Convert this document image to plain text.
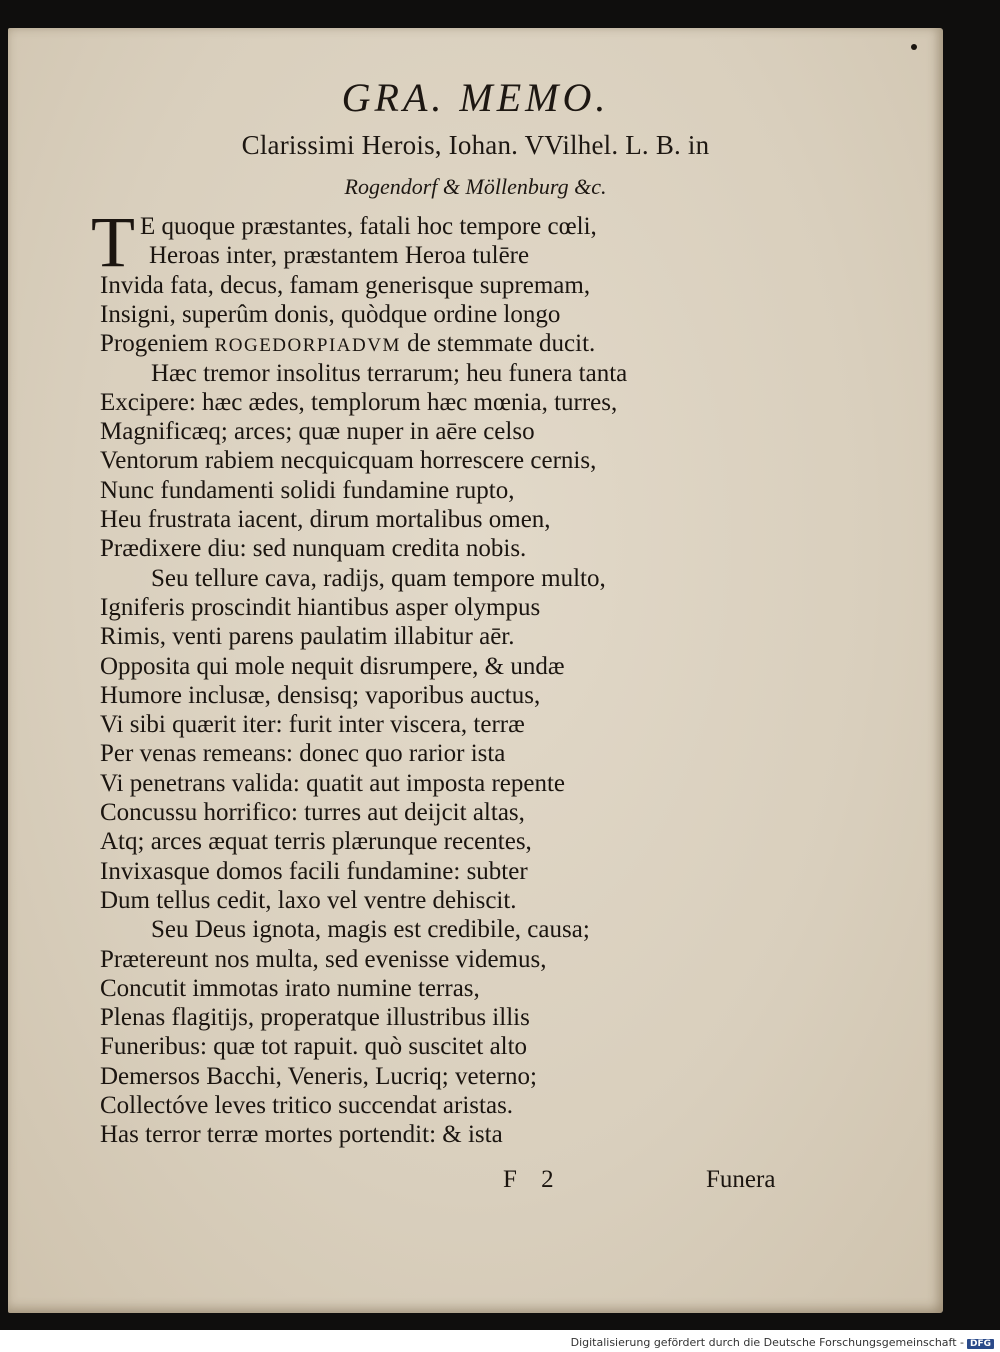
GRA. MEMO.
Clarissimi Herois, Iohan. VVilhel. L. B. in
Rogendorf & Möllenburg &c.
T E quoque præstantes, fatali hoc tempore cœli,
Heroas inter, præstantem Heroa tulēre
Invida fata, decus, famam generisque supremam,
Insigni, superûm donis, quòdque ordine longo
Progeniem ROGEDORPIADVM de stemmate ducit.
Hæc tremor insolitus terrarum; heu funera tanta
Excipere: hæc ædes, templorum hæc mœnia, turres,
Magnificæq; arces; quæ nuper in aēre celso
Ventorum rabiem necquicquam horrescere cernis,
Nunc fundamenti solidi fundamine rupto,
Heu frustrata iacent, dirum mortalibus omen,
Prædixere diu: sed nunquam credita nobis.
Seu tellure cava, radijs, quam tempore multo,
Igniferis proscindit hiantibus asper olympus
Rimis, venti parens paulatim illabitur aēr.
Opposita qui mole nequit disrumpere, & undæ
Humore inclusæ, densisq; vaporibus auctus,
Vi sibi quærit iter: furit inter viscera, terræ
Per venas remeans: donec quo rarior ista
Vi penetrans valida: quatit aut imposta repente
Concussu horrifico: turres aut deijcit altas,
Atq; arces æquat terris plærunque recentes,
Invixasque domos facili fundamine: subter
Dum tellus cedit, laxo vel ventre dehiscit.
Seu Deus ignota, magis est credibile, causa;
Prætereunt nos multa, sed evenisse videmus,
Concutit immotas irato numine terras,
Plenas flagitijs, properatque illustribus illis
Funeribus: quæ tot rapuit. quò suscitet alto
Demersos Bacchi, Veneris, Lucriq; veterno;
Collectóve leves tritico succendat aristas.
Has terror terræ mortes portendit: & ista
F 2	Funera
Digitalisierung gefördert durch die Deutsche Forschungsgemeinschaft - DFG
